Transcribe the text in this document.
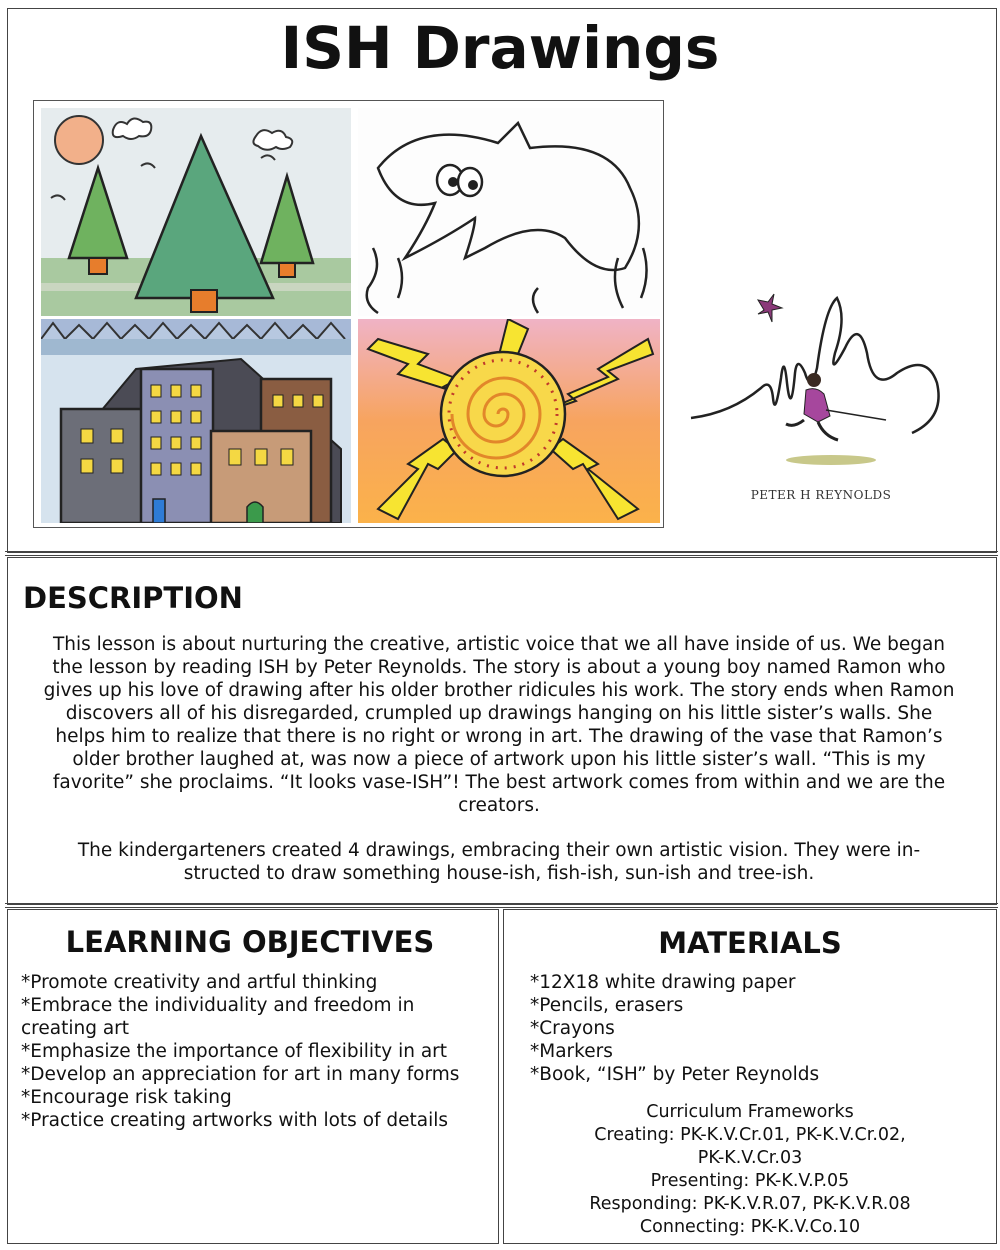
ISH Drawings
PETER H REYNOLDS
DESCRIPTION

This lesson is about nurturing the creative, artistic voice that we all have inside of us. We began the lesson by reading ISH by Peter Reynolds. The story is about a young boy named Ramon who gives up his love of drawing after his older brother ridicules his work. The story ends when Ramon discovers all of his disregarded, crumpled up drawings hanging on his little sister’s walls. She helps him to realize that there is no right or wrong in art. The drawing of the vase that Ramon’s older brother laughed at, was now a piece of artwork upon his little sister’s wall. “This is my favorite” she proclaims. “It looks vase-ISH”! The best artwork comes from within and we are the creators.

The kindergarteners created 4 drawings, embracing their own artistic vision. They were in-structed to draw something house-ish, fish-ish, sun-ish and tree-ish.

LEARNING OBJECTIVES
*Promote creativity and artful thinking
*Embrace the individuality and freedom in creating art
*Emphasize the importance of flexibility in art
*Develop an appreciation for art in many forms
*Encourage risk taking
*Practice creating artworks with lots of details
MATERIALS
*12X18 white drawing paper
*Pencils, erasers
*Crayons
*Markers
*Book, “ISH” by Peter Reynolds
Curriculum Frameworks
Creating: PK-K.V.Cr.01, PK-K.V.Cr.02,
PK-K.V.Cr.03
Presenting: PK-K.V.P.05
Responding: PK-K.V.R.07, PK-K.V.R.08
Connecting: PK-K.V.Co.10
